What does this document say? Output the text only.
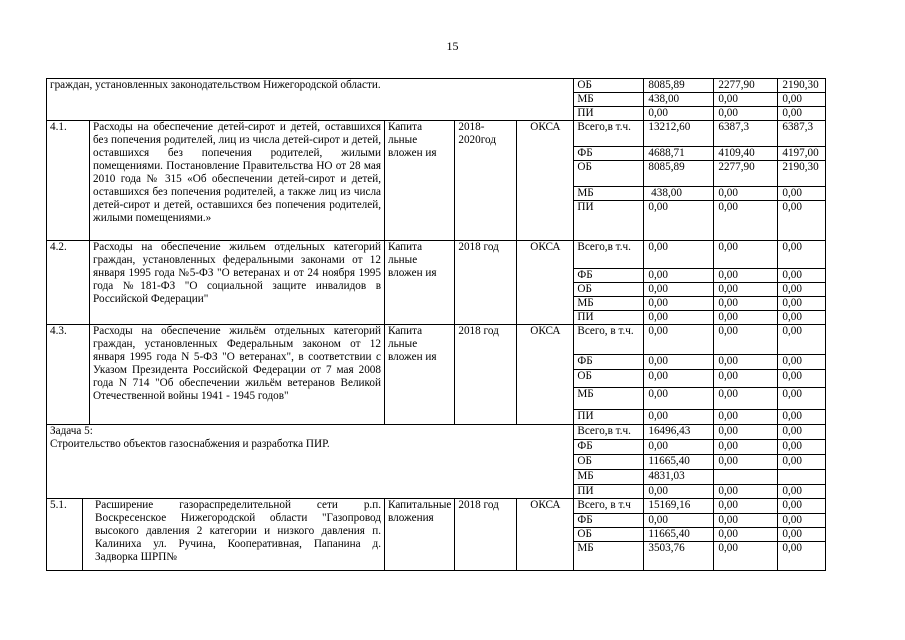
15
граждан, установленных законодательством Нижегородской области.						ОБ	8085,89	2277,90	2190,30
						МБ	438,00	0,00	0,00
						ПИ	0,00	0,00	0,00
4.1.		Расходы на обеспечение детей-сирот и детей, оставшихся без попечения родителей, лиц из числа детей-сирот и детей, оставшихся без попечения родителей, жилыми помещениями. Постановление Правительства НО от 28 мая 2010 года № 315 «Об обеспечении детей-сирот и детей, оставшихся без попечения родителей, а также лиц из числа детей-сирот и детей, оставшихся без попечения родителей, жилыми помещениями.»	Капита льные вложен ия	2018-2020год	ОКСА	Всего,в т.ч.	13212,60	6387,3	6387,3
						ФБ	4688,71	4109,40	4197,00
						ОБ	8085,89	2277,90	2190,30
						МБ	438,00	0,00	0,00
						ПИ	0,00	0,00	0,00
4.2.		Расходы на обеспечение жильем отдельных категорий граждан, установленных федеральными законами от 12 января 1995 года №5-ФЗ "О ветеранах и от 24 ноября 1995 года №181-ФЗ "О социальной защите инвалидов в Российской Федерации"	Капита льные вложен ия	2018 год	ОКСА	Всего,в т.ч.	0,00	0,00	0,00
						ФБ	0,00	0,00	0,00
						ОБ	0,00	0,00	0,00
						МБ	0,00	0,00	0,00
						ПИ	0,00	0,00	0,00
4.3.		Расходы на обеспечение жильём отдельных категорий граждан, установленных Федеральным законом от 12 января 1995 года N 5-ФЗ "О ветеранах", в соответствии с Указом Президента Российской Федерации от 7 мая 2008 года N 714 "Об обеспечении жильём ветеранов Великой Отечественной войны 1941 - 1945 годов"	Капита льные вложен ия	2018 год	ОКСА	Всего, в т.ч.	0,00	0,00	0,00
						ФБ	0,00	0,00	0,00
						ОБ	0,00	0,00	0,00
						МБ	0,00	0,00	0,00
						ПИ	0,00	0,00	0,00

Задача 5:
Строительство объектов газоснабжения и разработка ПИР.						Всего,в т.ч.	16496,43	0,00	0,00
						ФБ	0,00	0,00	0,00
						ОБ	11665,40	0,00	0,00
						МБ	4831,03		
						ПИ	0,00	0,00	0,00
5.1.	Расширение газораспределительной сети р.п. Воскресенское Нижегородской области "Газопровод высокого давления 2 категории и низкого давления п. Калиниха ул. Ручина, Кооперативная, Папанина д. Задворка ШРП№		Капитальные вложения	2018 год	ОКСА	Всего, в т.ч	15169,16	0,00	0,00
						ФБ	0,00	0,00	0,00
						ОБ	11665,40	0,00	0,00
						МБ	3503,76	0,00	0,00
